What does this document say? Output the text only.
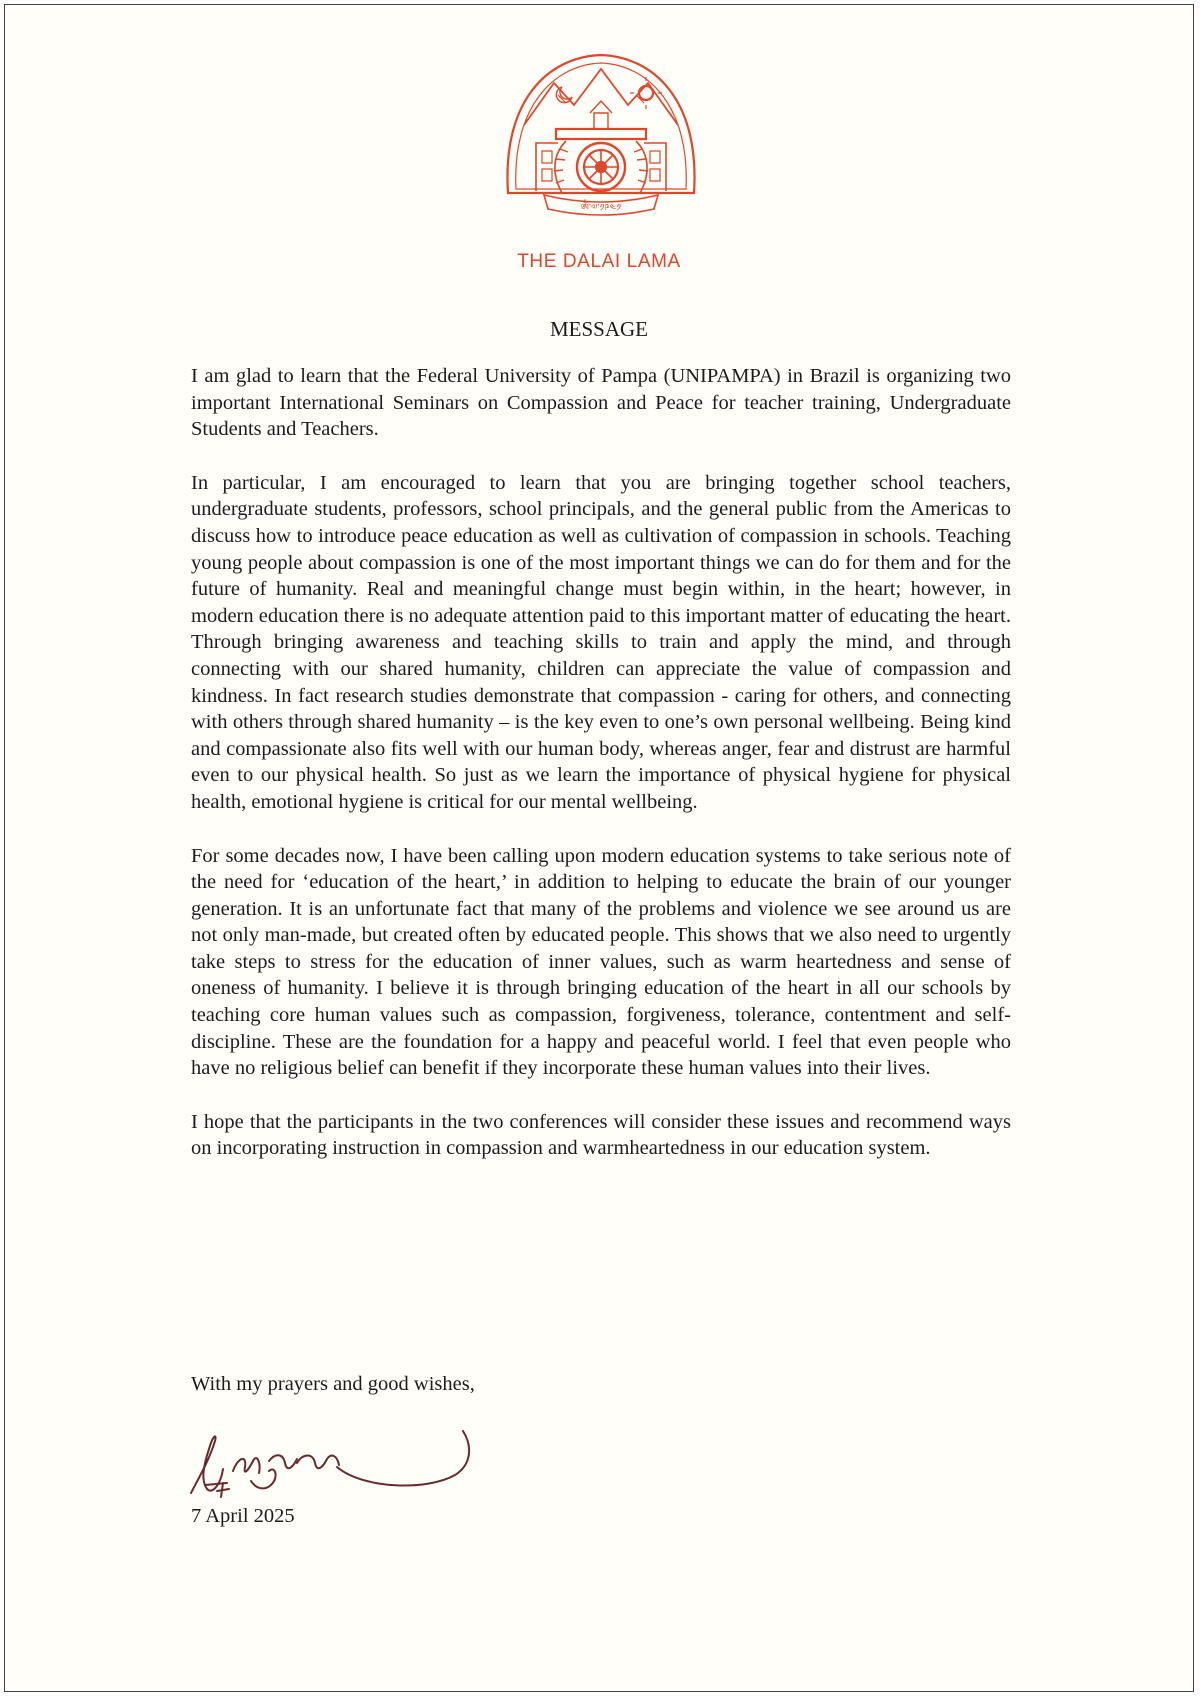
ༀ་༧་༡༩༤༡
THE DALAI LAMA
MESSAGE

I am glad to learn that the Federal University of Pampa (UNIPAMPA) in Brazil is organizing two important International Seminars on Compassion and Peace for teacher training, Undergraduate Students and Teachers.

In particular, I am encouraged to learn that you are bringing together school teachers, undergraduate students, professors, school principals, and the general public from the Americas to discuss how to introduce peace education as well as cultivation of compassion in schools. Teaching young people about compassion is one of the most important things we can do for them and for the future of humanity. Real and meaningful change must begin within, in the heart; however, in modern education there is no adequate attention paid to this important matter of educating the heart. Through bringing awareness and teaching skills to train and apply the mind, and through connecting with our shared humanity, children can appreciate the value of compassion and kindness. In fact research studies demonstrate that compassion - caring for others, and connecting with others through shared humanity – is the key even to one’s own personal wellbeing. Being kind and compassionate also fits well with our human body, whereas anger, fear and distrust are harmful even to our physical health. So just as we learn the importance of physical hygiene for physical health, emotional hygiene is critical for our mental wellbeing.

For some decades now, I have been calling upon modern education systems to take serious note of the need for ‘education of the heart,’ in addition to helping to educate the brain of our younger generation. It is an unfortunate fact that many of the problems and violence we see around us are not only man-made, but created often by educated people. This shows that we also need to urgently take steps to stress for the education of inner values, such as warm heartedness and sense of oneness of humanity. I believe it is through bringing education of the heart in all our schools by teaching core human values such as compassion, forgiveness, tolerance, contentment and self-discipline. These are the foundation for a happy and peaceful world. I feel that even people who have no religious belief can benefit if they incorporate these human values into their lives.

I hope that the participants in the two conferences will consider these issues and recommend ways on incorporating instruction in compassion and warmheartedness in our education system.

With my prayers and good wishes,
7 April 2025
